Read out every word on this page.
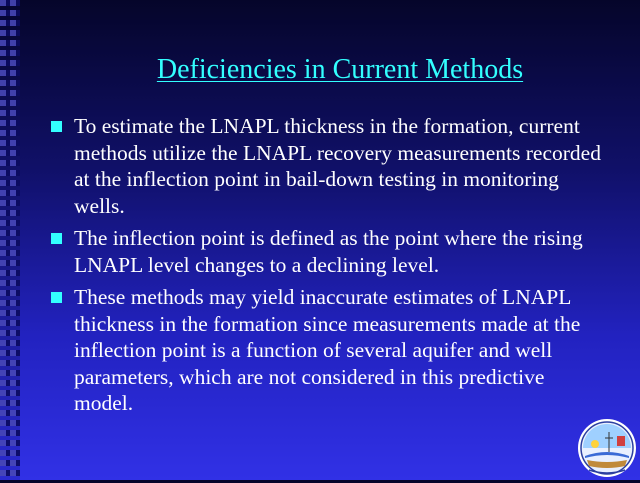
Deficiencies in Current Methods
To estimate the LNAPL thickness in the formation, current methods utilize the LNAPL recovery measurements recorded at the inflection point in bail-down testing in monitoring wells.
The inflection point is defined as the point where the rising LNAPL level changes to a declining level.
These methods may yield inaccurate estimates of LNAPL thickness in the formation since measurements made at the inflection point is a function of several aquifer and well parameters, which are not considered in this predictive model.
